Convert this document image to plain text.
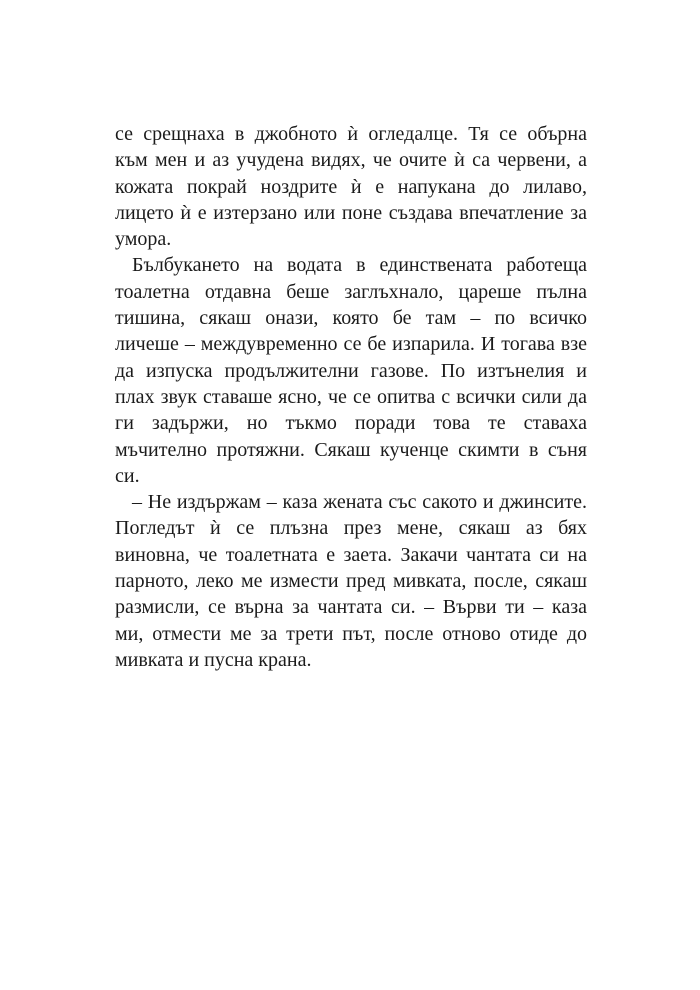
се срещнаха в джобното ѝ огледалце. Тя се обърна
към мен и аз учудена видях, че очите ѝ са червени, а
кожата покрай ноздрите ѝ е напукана до лилаво,
лицето ѝ е изтерзано или поне създава впечатление за
умора.
Бълбукането на водата в единствената работеща
тоалетна отдавна беше заглъхнало, цареше пълна
тишина, сякаш онази, която бе там – по всичко
личеше – междувременно се бе изпарила. И тогава взе
да изпуска продължителни газове. По изтънелия и
плах звук ставаше ясно, че се опитва с всички сили да
ги задържи, но тъкмо поради това те ставаха
мъчително протяжни. Сякаш кученце скимти в съня
си.
– Не издържам – каза жената със сакото и джинсите.
Погледът ѝ се плъзна през мене, сякаш аз бях
виновна, че тоалетната е заета. Закачи чантата си на
парното, леко ме измести пред мивката, после, сякаш
размисли, се върна за чантата си. – Върви ти – каза
ми, отмести ме за трети път, после отново отиде до
мивката и пусна крана.
